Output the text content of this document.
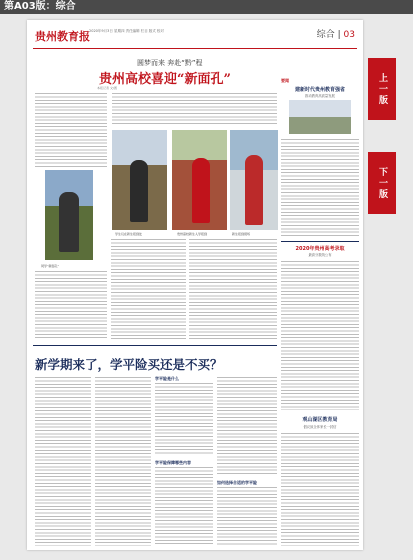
第A03版：综合
贵州教育报 2020年9月3日 星期四 责任编辑 栏目 版式 校对	综合 | 03
圆梦而来 奔赴“黔”程
贵州高校喜迎“新面孔”
本报记者 文/图
同学“新面孔”
学生们在新生报到处	贵州高校新生入学报到	新生报到现场
要闻
建新时代贵州教育强省
推动教育高质量发展
2020年贵州高考录取
最高分数线公布
观山湖区教育局
倡议致全体家长一封信
新学期来了，学平险买还是不买？
学平险是什么
学平险保障哪些内容
如何选择合适的学平险
上一版
下一版
